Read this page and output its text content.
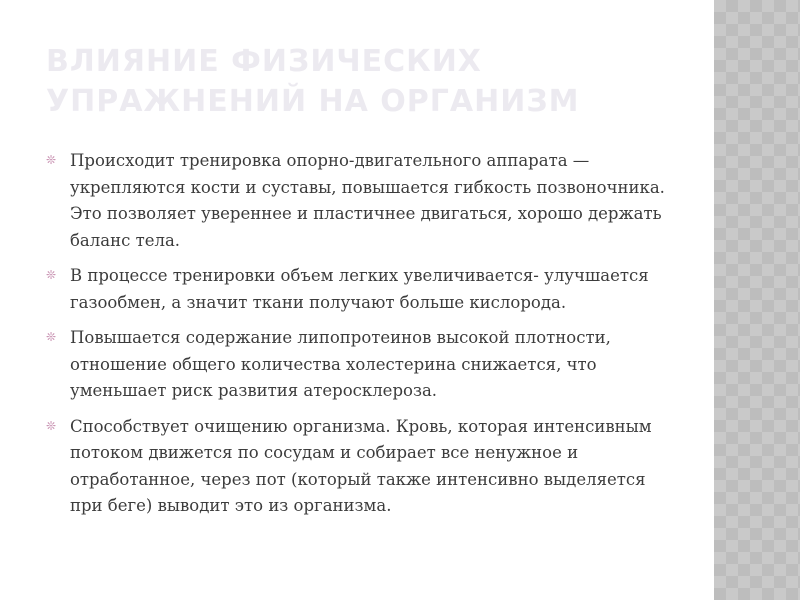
ВЛИЯНИЕ ФИЗИЧЕСКИХ УПРАЖНЕНИЙ НА ОРГАНИЗМ
❊ Происходит тренировка опорно-двигательного аппарата — укрепляются кости и суставы, повышается гибкость позвоночника. Это позволяет увереннее и пластичнее двигаться, хорошо держать баланс тела.
❊ В процессе тренировки объем легких увеличивается- улучшается газообмен, а значит ткани получают больше кислорода.
❊ Повышается содержание липопротеинов высокой плотности, отношение общего количества холестерина снижается, что уменьшает риск развития атеросклероза.
❊ Способствует очищению организма. Кровь, которая интенсивным потоком движется по сосудам и собирает все ненужное и отработанное, через пот (который также интенсивно выделяется при беге) выводит это из организма.
